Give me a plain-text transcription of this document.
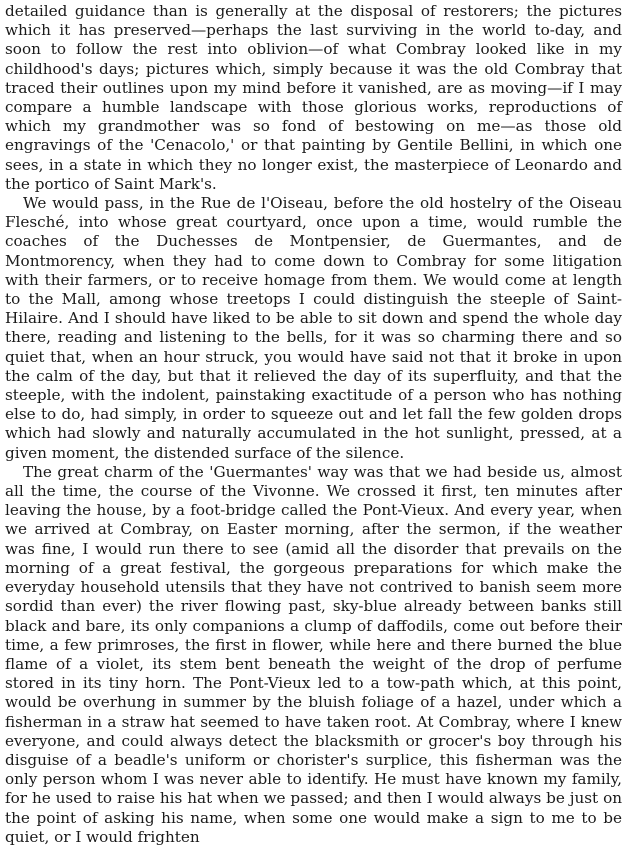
detailed guidance than is generally at the disposal of restorers; the pictures which it has preserved—perhaps the last surviving in the world to-day, and soon to follow the rest into oblivion—of what Combray looked like in my childhood's days; pictures which, simply because it was the old Combray that traced their outlines upon my mind before it vanished, are as moving—if I may compare a humble landscape with those glorious works, reproductions of which my grandmother was so fond of bestowing on me—as those old engravings of the 'Cenacolo,' or that painting by Gentile Bellini, in which one sees, in a state in which they no longer exist, the masterpiece of Leonardo and the portico of Saint Mark's.

We would pass, in the Rue de l'Oiseau, before the old hostelry of the Oiseau Flesché, into whose great courtyard, once upon a time, would rumble the coaches of the Duchesses de Montpensier, de Guermantes, and de Montmorency, when they had to come down to Combray for some litigation with their farmers, or to receive homage from them. We would come at length to the Mall, among whose treetops I could distinguish the steeple of Saint-Hilaire. And I should have liked to be able to sit down and spend the whole day there, reading and listening to the bells, for it was so charming there and so quiet that, when an hour struck, you would have said not that it broke in upon the calm of the day, but that it relieved the day of its superfluity, and that the steeple, with the indolent, painstaking exactitude of a person who has nothing else to do, had simply, in order to squeeze out and let fall the few golden drops which had slowly and naturally accumulated in the hot sunlight, pressed, at a given moment, the distended surface of the silence.

The great charm of the 'Guermantes' way was that we had beside us, almost all the time, the course of the Vivonne. We crossed it first, ten minutes after leaving the house, by a foot-bridge called the Pont-Vieux. And every year, when we arrived at Combray, on Easter morning, after the sermon, if the weather was fine, I would run there to see (amid all the disorder that prevails on the morning of a great festival, the gorgeous preparations for which make the everyday household utensils that they have not contrived to banish seem more sordid than ever) the river flowing past, sky-blue already between banks still black and bare, its only companions a clump of daffodils, come out before their time, a few primroses, the first in flower, while here and there burned the blue flame of a violet, its stem bent beneath the weight of the drop of perfume stored in its tiny horn. The Pont-Vieux led to a tow-path which, at this point, would be overhung in summer by the bluish foliage of a hazel, under which a fisherman in a straw hat seemed to have taken root. At Combray, where I knew everyone, and could always detect the blacksmith or grocer's boy through his disguise of a beadle's uniform or chorister's surplice, this fisherman was the only person whom I was never able to identify. He must have known my family, for he used to raise his hat when we passed; and then I would always be just on the point of asking his name, when some one would make a sign to me to be quiet, or I would frighten
